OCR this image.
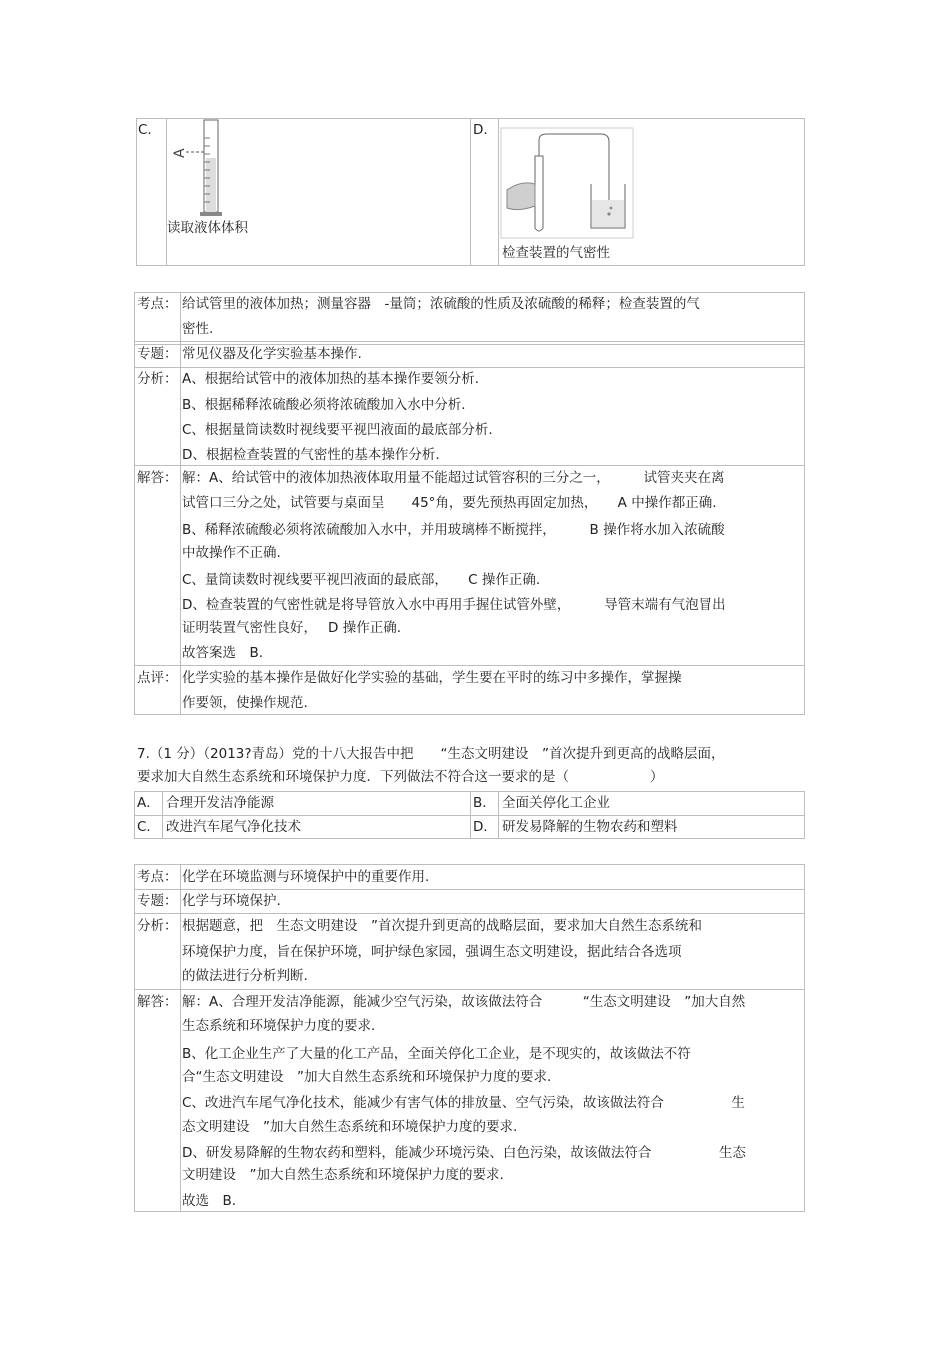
C.
A
读取液体体积
D.
检查装置的气密性
考点： 给试管里的液体加热；测量容器　-量筒；浓硫酸的性质及浓硫酸的稀释；检查装置的气
密性.
专题： 常见仪器及化学实验基本操作.
分析： A、根据给试管中的液体加热的基本操作要领分析.
B、根据稀释浓硫酸必须将浓硫酸加入水中分析.
C、根据量筒读数时视线要平视凹液面的最底部分析.
D、根据检查装置的气密性的基本操作分析.
解答： 解：A、给试管中的液体加热液体取用量不能超过试管容积的三分之一，　　　试管夹夹在离
试管口三分之处，试管要与桌面呈　　45°角，要先预热再固定加热，　　A 中操作都正确.
B、稀释浓硫酸必须将浓硫酸加入水中，并用玻璃棒不断搅拌，　　　B 操作将水加入浓硫酸
中故操作不正确.
C、量筒读数时视线要平视凹液面的最底部，　　C 操作正确.
D、检查装置的气密性就是将导管放入水中再用手握住试管外壁，　　　导管末端有气泡冒出
证明装置气密性良好，　 D 操作正确.
故答案选　B.
点评： 化学实验的基本操作是做好化学实验的基础，学生要在平时的练习中多操作，掌握操
作要领，使操作规范.
7.（1 分）（2013?青岛）党的十八大报告中把　　“生态文明建设　”首次提升到更高的战略层面，
要求加大自然生态系统和环境保护力度．下列做法不符合这一要求的是（　　　　　　）
A． 合理开发洁净能源	B． 全面关停化工企业
C． 改进汽车尾气净化技术	D． 研发易降解的生物农药和塑料
考点： 化学在环境监测与环境保护中的重要作用.
专题： 化学与环境保护.
分析： 根据题意，把　生态文明建设　”首次提升到更高的战略层面，要求加大自然生态系统和
环境保护力度，旨在保护环境，呵护绿色家园，强调生态文明建设，据此结合各选项
的做法进行分析判断.
解答： 解：A、合理开发洁净能源，能减少空气污染，故该做法符合　　　“生态文明建设　”加大自然
生态系统和环境保护力度的要求.
B、化工企业生产了大量的化工产品，全面关停化工企业，是不现实的，故该做法不符
合“生态文明建设　”加大自然生态系统和环境保护力度的要求.
C、改进汽车尾气净化技术，能减少有害气体的排放量、空气污染，故该做法符合　　　　　生
态文明建设　”加大自然生态系统和环境保护力度的要求.
D、研发易降解的生物农药和塑料，能减少环境污染、白色污染，故该做法符合　　　　　生态
文明建设　”加大自然生态系统和环境保护力度的要求.
故选　B.
